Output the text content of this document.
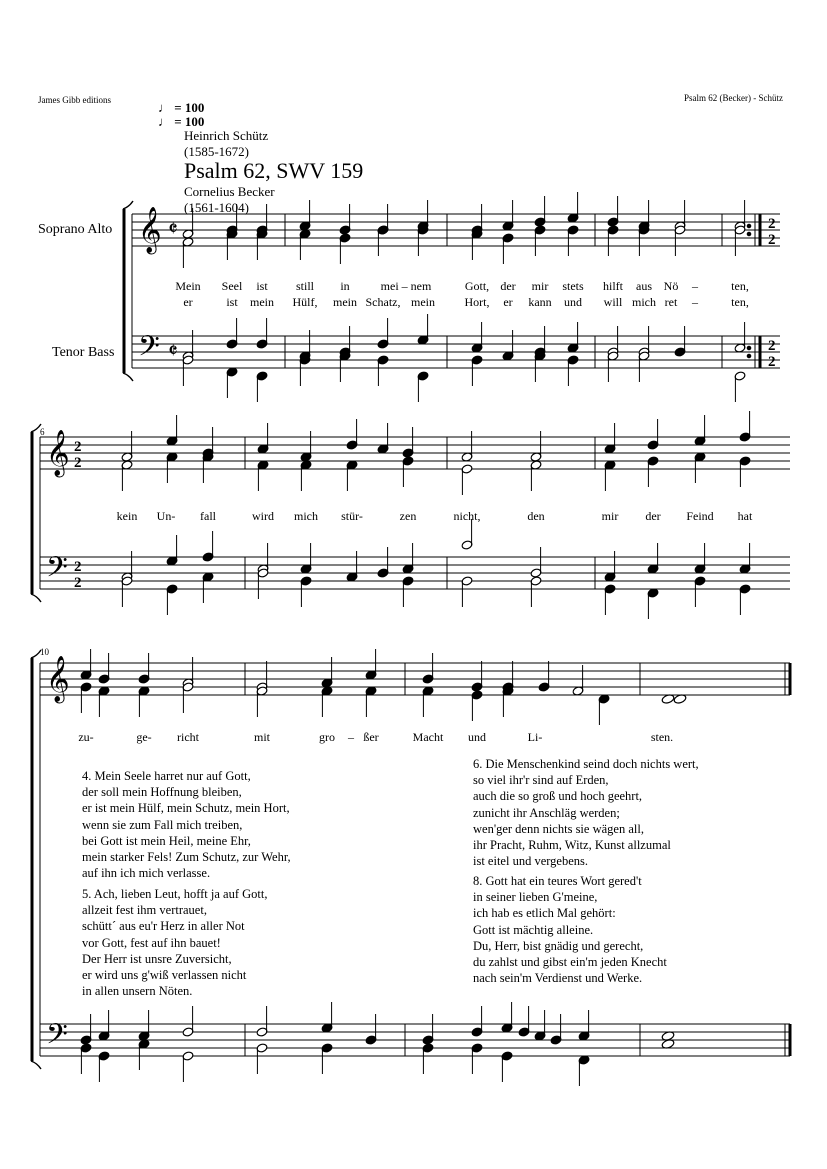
James Gibb editions	Psalm 62 (Becker) - Schütz
♩ = 100
♩ = 100
Heinrich Schütz
(1585-1672)
Psalm 62, SWV 159
Cornelius Becker
(1561-1604)
Soprano Alto
Tenor Bass
6
10
𝄞
𝄢
𝄵	2
2
𝄵	2
2
𝄞
𝄢
2
2
2
2
𝄞
𝄢
Mein Seel ist still in	mei – nem	Gott, der mir stets hilft aus Nö –	ten,
er	ist mein Hülf, mein Schatz, mein Hort, er kann und will mich ret –	ten,
kein Un- fall	wird mich stür-	zen	nicht,	den	mir der Feind hat
zu-	ge- richt	mit	gro – ßer	Macht und	Li-	sten.
4. Mein Seele harret nur auf Gott,
der soll mein Hoffnung bleiben,
er ist mein Hülf, mein Schutz, mein Hort,
wenn sie zum Fall mich treiben,
bei Gott ist mein Heil, meine Ehr,
mein starker Fels! Zum Schutz, zur Wehr,
auf ihn ich mich verlasse.
5. Ach, lieben Leut, hofft ja auf Gott,
allzeit fest ihm vertrauet,
schütt´ aus eu'r Herz in aller Not
vor Gott, fest auf ihn bauet!
Der Herr ist unsre Zuversicht,
er wird uns g'wiß verlassen nicht
in allen unsern Nöten.
6. Die Menschenkind seind doch nichts wert,
so viel ihr'r sind auf Erden,
auch die so groß und hoch geehrt,
zunicht ihr Anschläg werden;
wen'ger denn nichts sie wägen all,
ihr Pracht, Ruhm, Witz, Kunst allzumal
ist eitel und vergebens.
8. Gott hat ein teures Wort gered't
in seiner lieben G'meine,
ich hab es etlich Mal gehört:
Gott ist mächtig alleine.
Du, Herr, bist gnädig und gerecht,
du zahlst und gibst ein'm jeden Knecht
nach sein'm Verdienst und Werke.
